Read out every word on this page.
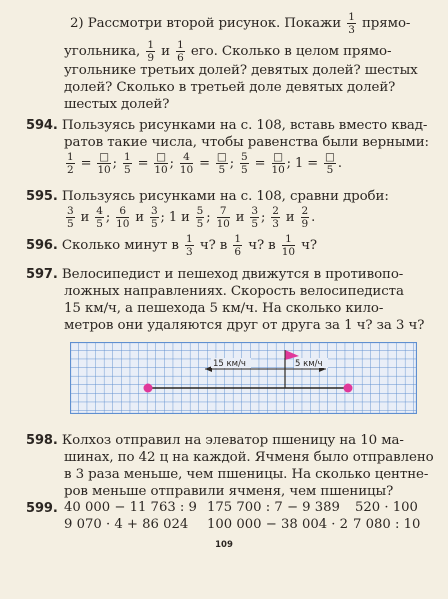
2) Рассмотри второй рисунок. Покажи $\frac{1}{3}$ прямо-
угольника, $\frac{1}{9}$ и $\frac{1}{6}$ его. Сколько в целом прямо-
угольнике третьих долей? девятых долей? шестых
долей? Сколько в третьей доле девятых долей?
шестых долей?
594. Пользуясь рисунками на с. 108, вставь вместо квад-
ратов такие числа, чтобы равенства были верными:
$\frac{1}{2} = \frac{□}{10}$ ; $\frac{1}{5} = \frac{□}{10}$ ; $\frac{4}{10} = \frac{□}{5}$ ; $\frac{5}{5} = \frac{□}{10}$ ; $1 = \frac{□}{5}$ .
595. Пользуясь рисунками на с. 108, сравни дроби:
$\frac{3}{5}$ и $\frac{4}{5}$ ; $\frac{6}{10}$ и $\frac{3}{5}$ ; 1 и $\frac{5}{5}$ ; $\frac{7}{10}$ и $\frac{3}{5}$ ; $\frac{2}{3}$ и $\frac{2}{9}$ .
596. Сколько минут в $\frac{1}{3} ч$? в $\frac{1}{6} ч$? в $\frac{1}{10} ч$?
597. Велосипедист и пешеход движутся в противопо-
ложных направлениях. Скорость велосипедиста
15 км/ч, а пешехода 5 км/ч. На сколько кило-
метров они удаляются друг от друга за 1 ч? за 3 ч?
15 км/ч	5 км/ч
598. Колхоз отправил на элеватор пшеницу на 10 ма-
шинах, по 42 ц на каждой. Ячменя было отправлено
в 3 раза меньше, чем пшеницы. На сколько центне-
ров меньше отправили ячменя, чем пшеницы?
599. 40 000 − 11 763 : 9 175 700 : 7 − 9 389 520 · 100
9 070 · 4 + 86 024 100 000 − 38 004 · 2 7 080 : 10
109
